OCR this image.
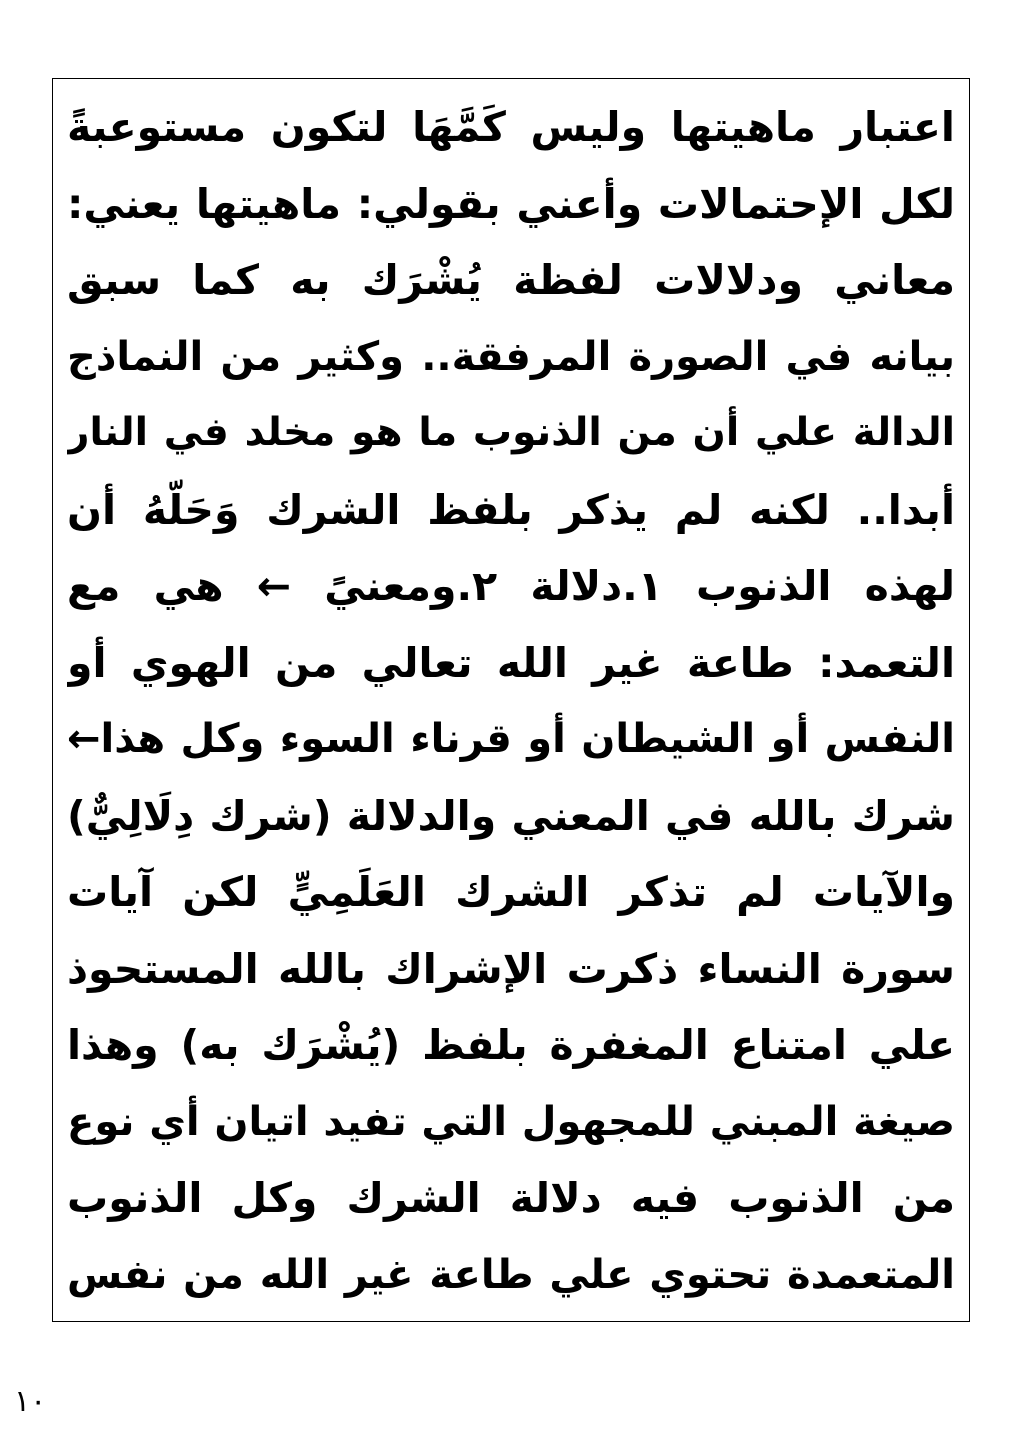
اعتبار ماهيتها وليس كَمَّهَا لتكون مستوعبةً
لكل الإحتمالات وأعني بقولي: ماهيتها يعني:
معاني ودلالات لفظة يُشْرَك به كما سبق
بيانه في الصورة المرفقة.. وكثير من النماذج
الدالة علي أن من الذنوب ما هو مخلد في النار
أبدا.. لكنه لم يذكر بلفظ الشرك وَحَلّهُ أن
لهذه الذنوب ١.دلالة ٢.ومعنيً ← هي مع
التعمد: طاعة غير الله تعالي من الهوي أو
النفس أو الشيطان أو قرناء السوء وكل هذا←
شرك بالله في المعني والدلالة (شرك دِلَالِيٌّ)
والآيات لم تذكر الشرك العَلَمِيٍّ لكن آيات
سورة النساء ذكرت الإشراك بالله المستحوذ
علي امتناع المغفرة بلفظ (يُشْرَك به) وهذا
صيغة المبني للمجهول التي تفيد اتيان أي نوع
من الذنوب فيه دلالة الشرك وكل الذنوب
المتعمدة تحتوي علي طاعة غير الله من نفس
١٠
